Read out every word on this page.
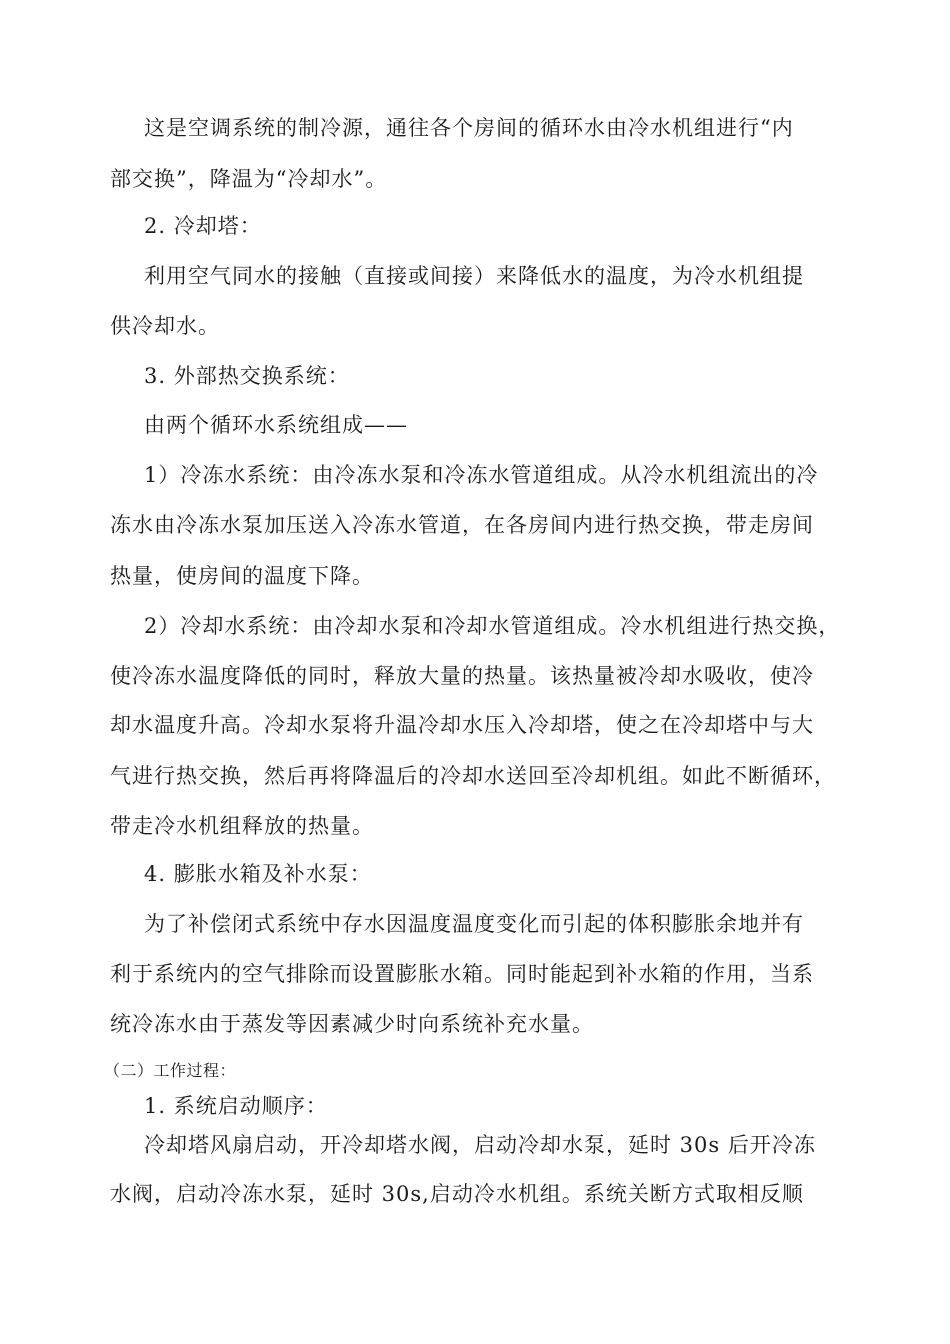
这是空调系统的制冷源，通往各个房间的循环水由冷水机组进行“内
部交换”，降温为“冷却水”。
2. 冷却塔：
利用空气同水的接触（直接或间接）来降低水的温度，为冷水机组提
供冷却水。
3. 外部热交换系统：
由两个循环水系统组成——
1）冷冻水系统：由冷冻水泵和冷冻水管道组成。从冷水机组流出的冷
冻水由冷冻水泵加压送入冷冻水管道，在各房间内进行热交换，带走房间
热量，使房间的温度下降。
2）冷却水系统：由冷却水泵和冷却水管道组成。冷水机组进行热交换，
使冷冻水温度降低的同时，释放大量的热量。该热量被冷却水吸收，使冷
却水温度升高。冷却水泵将升温冷却水压入冷却塔，使之在冷却塔中与大
气进行热交换，然后再将降温后的冷却水送回至冷却机组。如此不断循环，
带走冷水机组释放的热量。
4. 膨胀水箱及补水泵：
为了补偿闭式系统中存水因温度温度变化而引起的体积膨胀余地并有
利于系统内的空气排除而设置膨胀水箱。同时能起到补水箱的作用，当系
统冷冻水由于蒸发等因素减少时向系统补充水量。
（二）工作过程：
1. 系统启动顺序：
冷却塔风扇启动，开冷却塔水阀，启动冷却水泵，延时 30s 后开冷冻
水阀，启动冷冻水泵，延时 30s,启动冷水机组。系统关断方式取相反顺
